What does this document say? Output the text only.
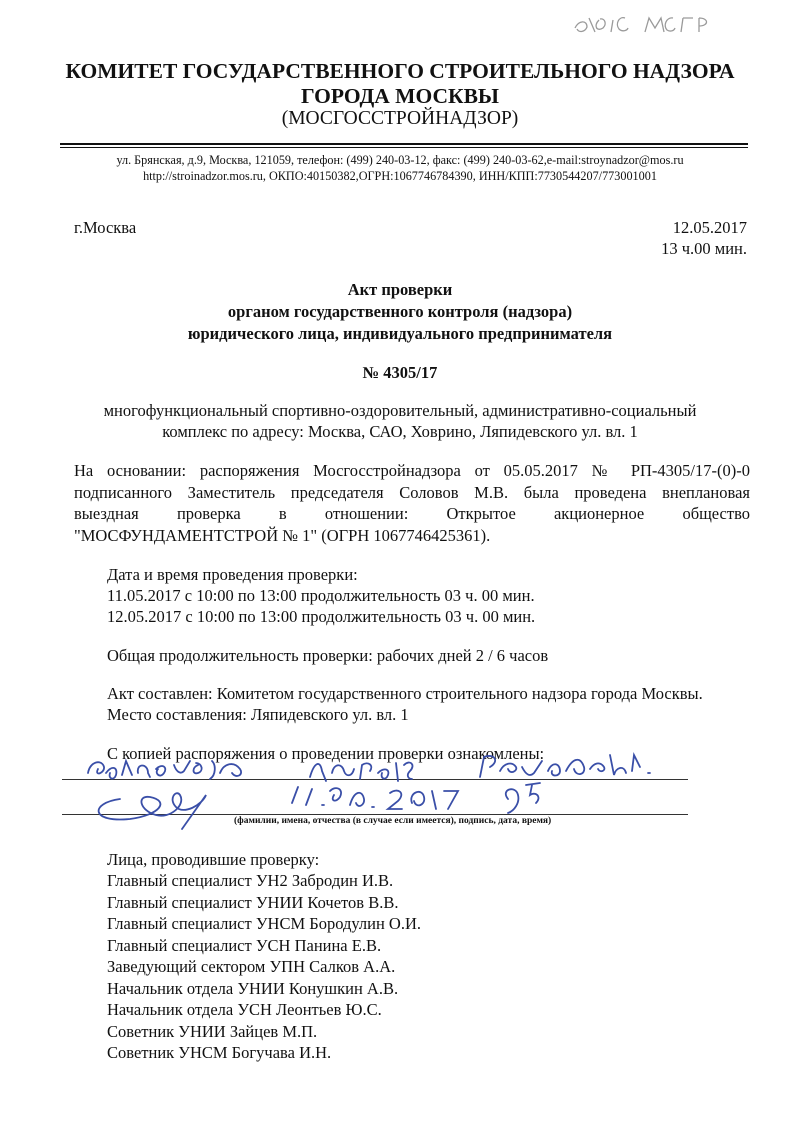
КОМИТЕТ ГОСУДАРСТВЕННОГО СТРОИТЕЛЬНОГО НАДЗОРА
ГОРОДА МОСКВЫ
(МОСГОССТРОЙНАДЗОР)
ул. Брянская, д.9, Москва, 121059, телефон: (499) 240-03-12, факс: (499) 240-03-62,e-mail:stroynadzor@mos.ru
http://stroinadzor.mos.ru, ОКПО:40150382,ОГРН:1067746784390, ИНН/КПП:7730544207/773001001
г.Москва	12.05.2017
13 ч.00 мин.
Акт проверки
органом государственного контроля (надзора)
юридического лица, индивидуального предпринимателя
№ 4305/17
многофункциональный спортивно-оздоровительный, административно-социальный
комплекс по адресу: Москва, САО, Ховрино, Ляпидевского ул. вл. 1
На основании: распоряжения Мосгосстройнадзора от 05.05.2017 № РП-4305/17-(0)-0
подписанного Заместитель председателя Соловов М.В. была проведена внеплановая
выездная проверка в отношении: Открытое акционерное общество
"МОСФУНДАМЕНТСТРОЙ № 1" (ОГРН 1067746425361).
Дата и время проведения проверки:
11.05.2017 с 10:00 по 13:00 продолжительность 03 ч. 00 мин.
12.05.2017 с 10:00 по 13:00 продолжительность 03 ч. 00 мин.
Общая продолжительность проверки: рабочих дней 2 / 6 часов
Акт составлен: Комитетом государственного строительного надзора города Москвы.
Место составления: Ляпидевского ул. вл. 1
С копией распоряжения о проведении проверки ознакомлены:
(фамилии, имена, отчества (в случае если имеется), подпись, дата, время)
Лица, проводившие проверку:
Главный специалист УН2 Забродин И.В.
Главный специалист УНИИ Кочетов В.В.
Главный специалист УНСМ Бородулин О.И.
Главный специалист УСН Панина Е.В.
Заведующий сектором УПН Салков А.А.
Начальник отдела УНИИ Конушкин А.В.
Начальник отдела УСН Леонтьев Ю.С.
Советник УНИИ Зайцев М.П.
Советник УНСМ Богучава И.Н.
